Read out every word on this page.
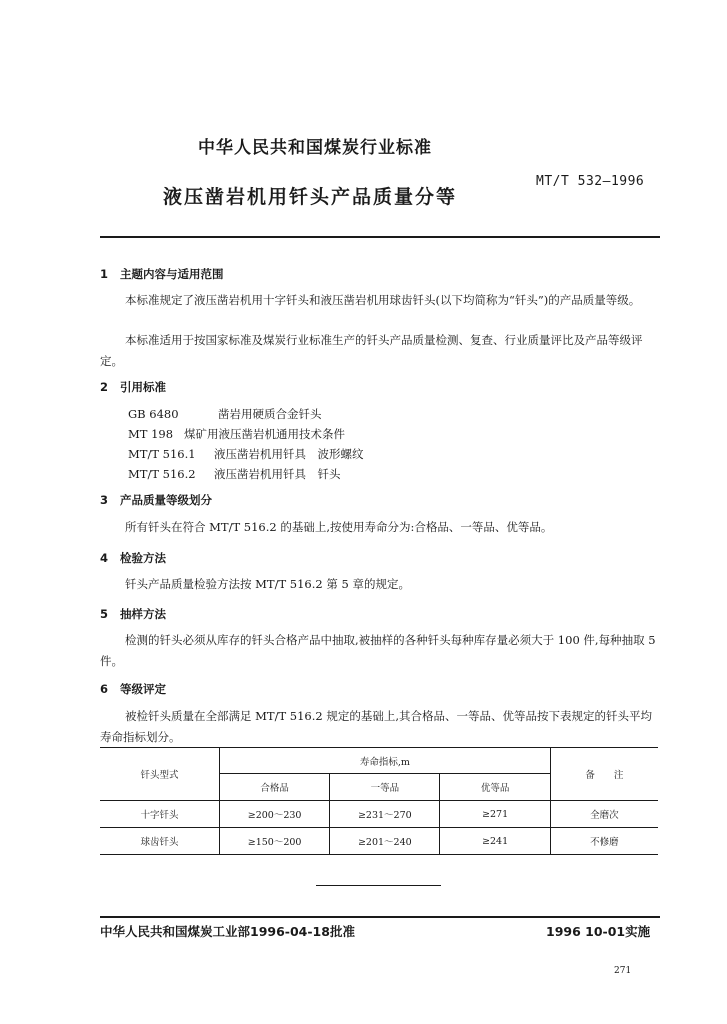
中华人民共和国煤炭行业标准
液压凿岩机用钎头产品质量分等
MT/T 532—1996
1 主题内容与适用范围
本标准规定了液压凿岩机用十字钎头和液压凿岩机用球齿钎头(以下均简称为“钎头”)的产品质量等级。
本标准适用于按国家标准及煤炭行业标准生产的钎头产品质量检测、复查、行业质量评比及产品等级评定。
2 引用标准
GB 6480	凿岩用硬质合金钎头
MT 198 煤矿用液压凿岩机通用技术条件
MT/T 516.1 液压凿岩机用钎具　波形螺纹
MT/T 516.2 液压凿岩机用钎具　钎头
3 产品质量等级划分
所有钎头在符合 MT/T 516.2 的基础上,按使用寿命分为:合格品、一等品、优等品。
4 检验方法
钎头产品质量检验方法按 MT/T 516.2 第 5 章的规定。
5 抽样方法
检测的钎头必须从库存的钎头合格产品中抽取,被抽样的各种钎头每种库存量必须大于 100 件,每种抽取 5 件。
6 等级评定
被检钎头质量在全部满足 MT/T 516.2 规定的基础上,其合格品、一等品、优等品按下表规定的钎头平均寿命指标划分。
钎头型式	寿命指标,m			备　　注
	合格品	一等品	优等品	
十字钎头	≥200～230	≥231～270	≥271	全磨次
球齿钎头	≥150～200	≥201～240	≥241	不修磨
中华人民共和国煤炭工业部1996-04-18批准	1996 10-01实施
271
